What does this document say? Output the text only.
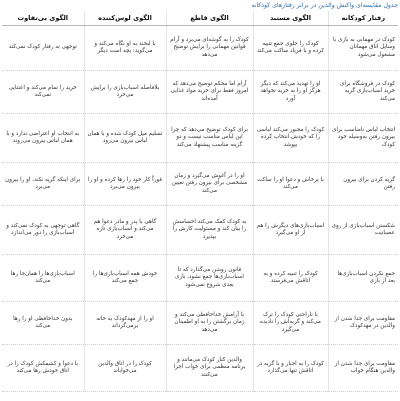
جدول مقایسه‌ای واکنش والدین در برابر رفتارهای کودکانه
رفتار کودکانه	الگوی مستبد	الگوی قاطع	الگوی لوس‌کننده	الگوی بی‌تفاوت
کودک در مهمانی به بازی با وسایل اتاق مهمانان مشغول می‌شود	کودک را جلوی جمع تنبیه کرده و با فریاد ساکت می‌کند	کودک را به گوشه‌ای می‌برد و آرام قوانین مهمانی را برایش توضیح می‌دهد	با لبخند به او نگاه می‌کند و می‌گوید: بچه است دیگر	توجهی به رفتار کودک نمی‌کند
کودک در فروشگاه برای خرید اسباب‌بازی گریه می‌کند	او را تهدید می‌کند که دیگر هرگز او را به خرید نخواهد آورد	آرام اما محکم توضیح می‌دهد که امروز فقط برای خرید مواد غذایی آمده‌اند	بلافاصله اسباب‌بازی را برایش می‌خرد	خرید را تمام می‌کند و اعتنایی نمی‌کند
انتخاب لباس نامناسب برای بیرون رفتن به‌وسیله خود کودک	کودک را مجبور می‌کند لباسی را که خودش انتخاب کرده بپوشد	برای کودک توضیح می‌دهد که چرا این لباس مناسب نیست و دو گزینه مناسب پیشنهاد می‌کند	تسلیم میل کودک شده و با همان لباس بیرون می‌رود	به انتخاب او اعتراضی ندارد و با همان لباس بیرون می‌روند
گریه کردن برای بیرون رفتن	با پرخاش و دعوا او را ساکت می‌کند	او را در آغوش می‌گیرد و زمان مشخصی برای بیرون رفتن تعیین می‌کند	فوراً کار خود را رها کرده و او را بیرون می‌برد	برای اینکه گریه نکند، او را بیرون می‌برد
شکستن اسباب‌بازی از روی عصبانیت	اسباب‌بازی‌های دیگرش را هم از او می‌گیرد	به کودک کمک می‌کند احساسش را بیان کند و مسئولیت کارش را بپذیرد	گاهی با پدر و مادر دعوا هم می‌کند و اسباب‌بازی تازه می‌خرد	گاهی توجهی به کودک نمی‌کند و اسباب‌بازی را دور می‌اندازد
جمع نکردن اسباب‌بازی‌ها بعد از بازی	کودک را تنبیه کرده و به اتاقش می‌فرستد	قانون روشن می‌گذارد که تا اسباب‌بازی‌ها جمع نشود، بازی بعدی شروع نمی‌شود	خودش همه اسباب‌بازی‌ها را جمع می‌کند	اسباب‌بازی‌ها را همان‌جا رها می‌کند
مقاومت برای جدا شدن از والدین در مهدکودک	با ناراحتی کودک را ترک می‌کند و گریه‌اش را نادیده می‌گیرد	با آرامش خداحافظی می‌کند و زمان برگشتن را به او اطمینان می‌دهد	او را از مهدکودک به خانه برمی‌گرداند	بدون خداحافظی او را رها می‌کند
مقاومت برای جدا شدن از والدین هنگام خواب	کودک را به اجبار و با گریه در اتاقش تنها می‌گذارد	والدین کنار کودک می‌مانند و برنامه منظمی برای خواب اجرا می‌کنند	کودک را در اتاق والدین می‌خواباند	با دعوا و کشمکش کودک را در اتاق خودش رها می‌کند
